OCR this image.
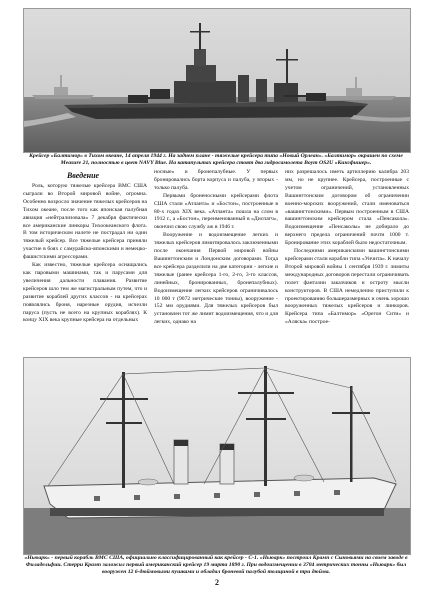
Крейсер «Балтимор» в Тихом океане, 14 апреля 1944 г. На заднем плане - тяжелые крейсера типа «Новый Орлеан». «Балтимор» окрашен по схеме Measure 21, полностью в цвет NAVY Blue. На катапультах крейсера стоят два гидросамолета Воут OS2U «Кингфишер».

Введение

Роль, которую тяжелые крейсера ВМС США сыграли во Второй мировой войне, огромна. Особенно возросло значение тяжелых крейсеров на Тихом океане, после того как японская палубная авиация «нейтрализовала» 7 декабря фактически все американские линкоры Тихоокеанского флота. В том историческом налете не пострадал ни один тяжелый крейсер. Все тяжелые крейсера приняли участие в боях с самурайско-японскими и немецко-фашистскими агрессорами.

Как известно, тяжелые крейсера оснащались как паровыми машинами, так и парусами для увеличения дальности плавания. Развитие крейсеров шло тем же магистральным путем, что и развитие кораблей других классов - на крейсерах появлялись броня, нарезные орудия, исчезли паруса (пусть не всего на крупных кораблях). К концу XIX века крупные крейсера на отдельных

носные» и бронепалубные. У первых бронировались борта корпуса и палуба, у вторых - только палуба.

Первыми броненосными крейсерами флота США стали «Атланта» и «Бостон», построенные в 80-х годах XIX века. «Атланта» пошла на слом в 1912 г., а «Бостон», переименованный в «Диспатч», окончил свою службу аж в 1946 г.

Вооружение и водоизмещение легких и тяжелых крейсеров лимитировалось заключенными после окончания Первой мировой войны Вашингтонским и Лондонским договорами. Тогда все крейсера разделили на две категории - легкие и тяжелые (ранее крейсера 1-го, 2-го, 3-го классов, линейных, бронированных, бронепалубных). Водоизмещение легких крейсеров ограничивалось 10 000 т (9072 метрические тонны), вооружение - 152 мм орудиями. Для тяжелых крейсеров был установлен тот же лимит водоизмещения, что и для легких, однако на

них разрешалось иметь артиллерию калибра 203 мм, но не крупнее. Крейсера, построенные с учетом ограничений, установленных Вашингтонским договором об ограничении военно-морских вооружений, стали именоваться «вашингтонскими». Первым построенным в США вашингтонским крейсером стала «Пенсакола». Водоизмещение «Пенсаколы» не добирало до верхнего предела ограничений почти 1000 т. Бронирование этих кораблей было недостаточным.

Последними американскими вашингтонскими крейсерами стали корабли типа «Уичита». К началу Второй мировой войны 1 сентября 1939 г. лимиты международных договоров перестали ограничивать полет фантазии заказчиков и остроту мысли конструкторов. В США немедленно приступили к проектированию большеразмерных и очень хорошо вооруженных тяжелых крейсеров и линкоров. Крейсера типа «Балтимор» «Орегон Сити» и «Аляска» построе-

«Ньюарк» - первый корабль ВМС США, официально классифицированный как крейсер - С-1. «Ньюарк» построил Крамп с Сыновьями на своем заводе в Филадельфии. Стерри Крамп заложил первый американский крейсер 19 марта 1890 г. При водоизмещении в 3704 метрических тонны «Ньюарк» был вооружен 12 6-дюймовыми пушками и обладал броневой палубой толщиной в три дюйма.

2
